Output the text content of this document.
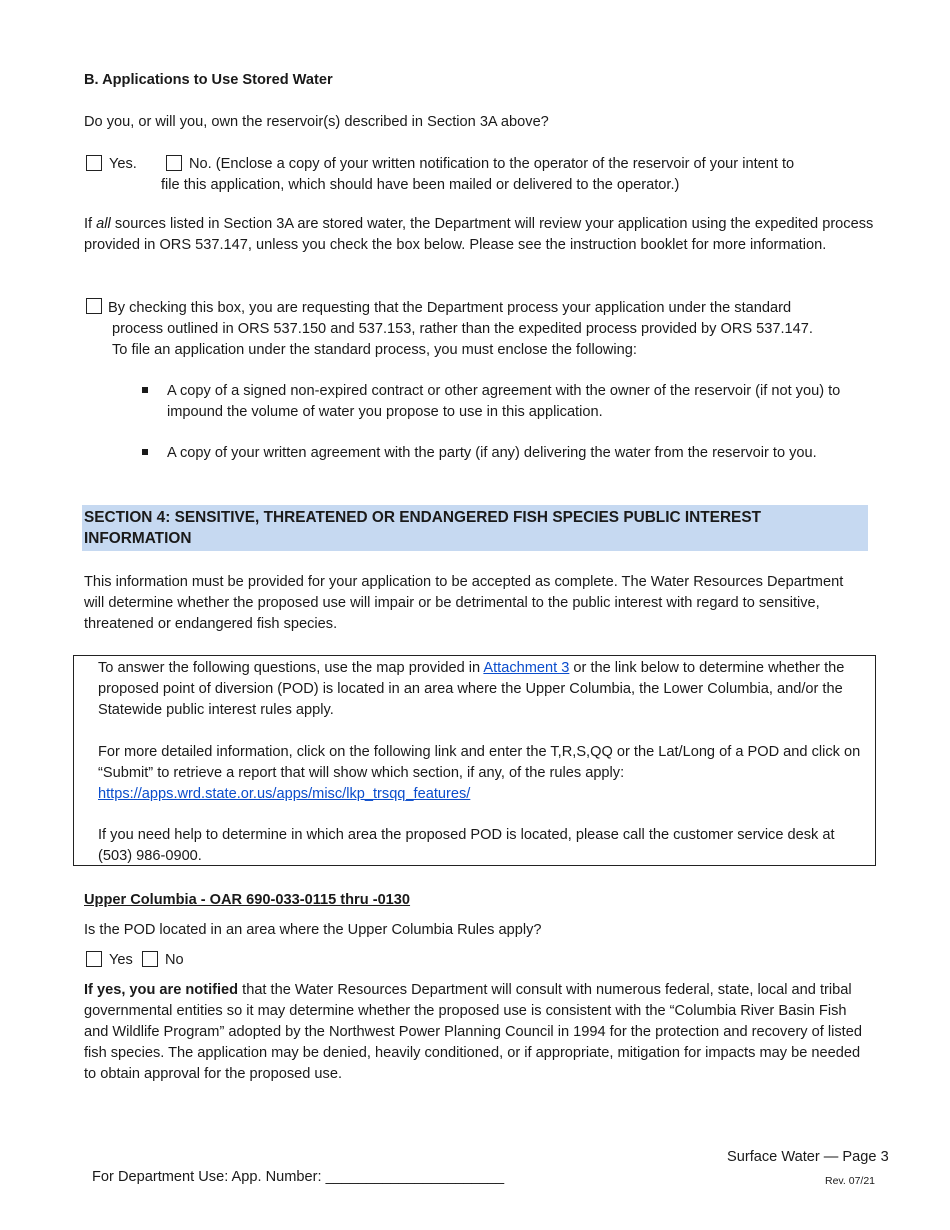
B. Applications to Use Stored Water
Do you, or will you, own the reservoir(s) described in Section 3A above?
Yes.	No. (Enclose a copy of your written notification to the operator of the reservoir of your intent to
file this application, which should have been mailed or delivered to the operator.)

If all sources listed in Section 3A are stored water, the Department will review your application using the expedited process provided in ORS 537.147, unless you check the box below. Please see the instruction booklet for more information.

By checking this box, you are requesting that the Department process your application under the standard
process outlined in ORS 537.150 and 537.153, rather than the expedited process provided by ORS 537.147.
To file an application under the standard process, you must enclose the following:
A copy of a signed non-expired contract or other agreement with the owner of the reservoir (if not you) to impound the volume of water you propose to use in this application.
A copy of your written agreement with the party (if any) delivering the water from the reservoir to you.
SECTION 4: SENSITIVE, THREATENED OR ENDANGERED FISH SPECIES PUBLIC INTEREST INFORMATION

This information must be provided for your application to be accepted as complete. The Water Resources Department will determine whether the proposed use will impair or be detrimental to the public interest with regard to sensitive, threatened or endangered fish species.

To answer the following questions, use the map provided in Attachment 3 or the link below to determine whether the proposed point of diversion (POD) is located in an area where the Upper Columbia, the Lower Columbia, and/or the Statewide public interest rules apply.

For more detailed information, click on the following link and enter the T,R,S,QQ or the Lat/Long of a POD and click on “Submit” to retrieve a report that will show which section, if any, of the rules apply:

https://apps.wrd.state.or.us/apps/misc/lkp_trsqq_features/

If you need help to determine in which area the proposed POD is located, please call the customer service desk at (503) 986-0900.

Upper Columbia - OAR 690-033-0115 thru -0130
Is the POD located in an area where the Upper Columbia Rules apply?
Yes No

If yes, you are notified that the Water Resources Department will consult with numerous federal, state, local and tribal governmental entities so it may determine whether the proposed use is consistent with the “Columbia River Basin Fish and Wildlife Program” adopted by the Northwest Power Planning Council in 1994 for the protection and recovery of listed fish species. The application may be denied, heavily conditioned, or if appropriate, mitigation for impacts may be needed to obtain approval for the proposed use.

Surface Water — Page 3
For Department Use: App. Number: ______________________	Rev. 07/21
